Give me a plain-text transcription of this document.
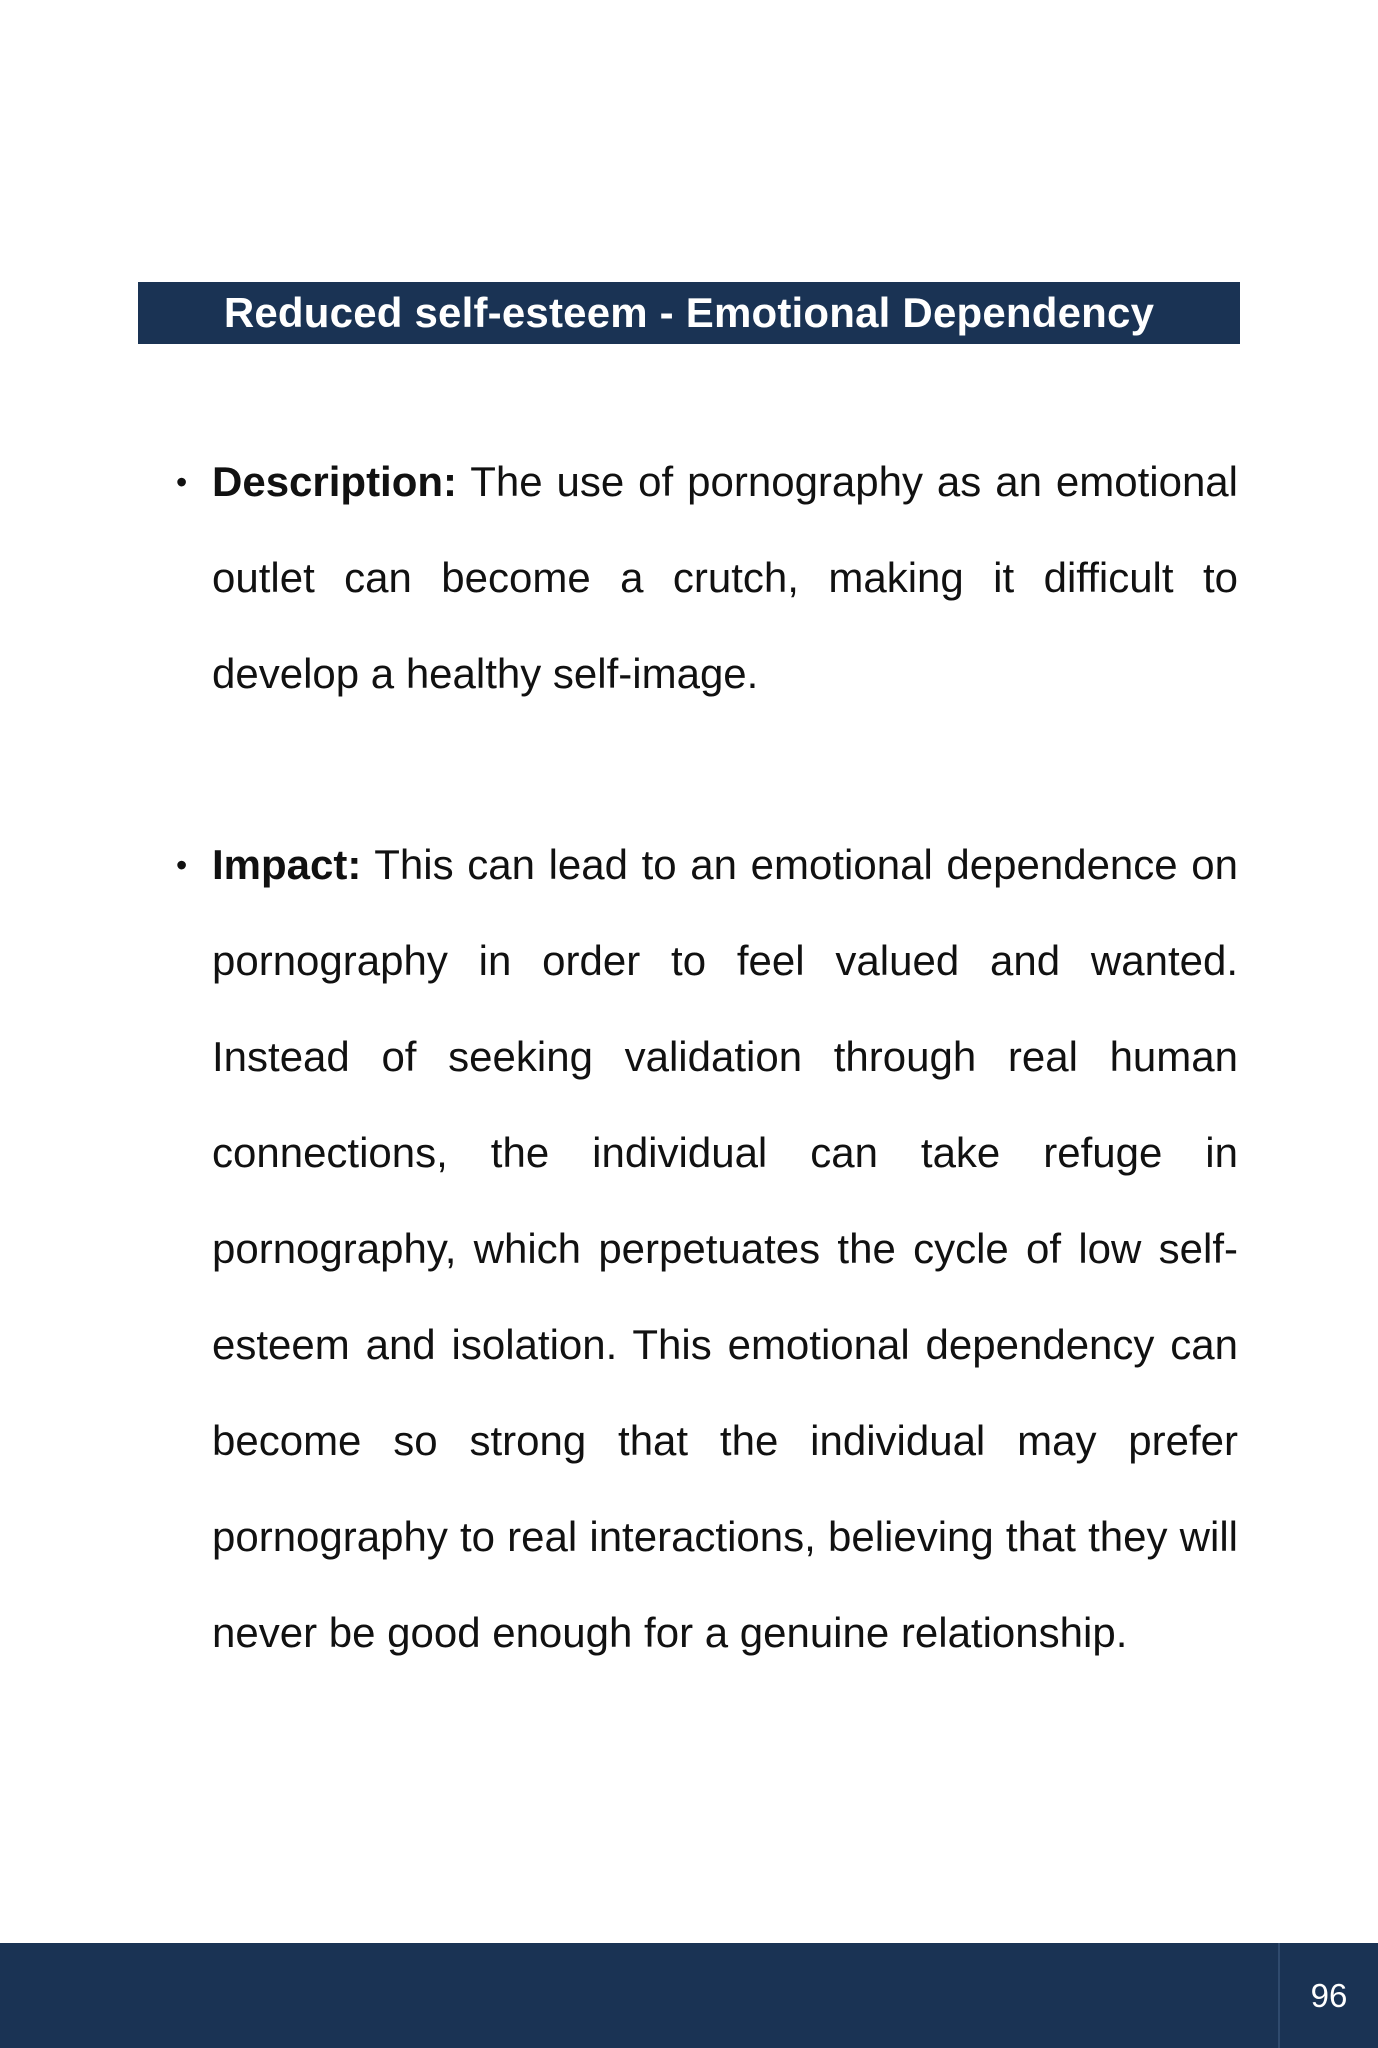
Reduced self-esteem - Emotional Dependency
• Description: The use of pornography as an emotional outlet can become a crutch, making it difficult to develop a healthy self-image.
• Impact: This can lead to an emotional dependence on pornography in order to feel valued and wanted. Instead of seeking validation through real human connections, the individual can take refuge in pornography, which perpetuates the cycle of low self-esteem and isolation. This emotional dependency can become so strong that the individual may prefer pornography to real interactions, believing that they will never be good enough for a genuine relationship.
96
